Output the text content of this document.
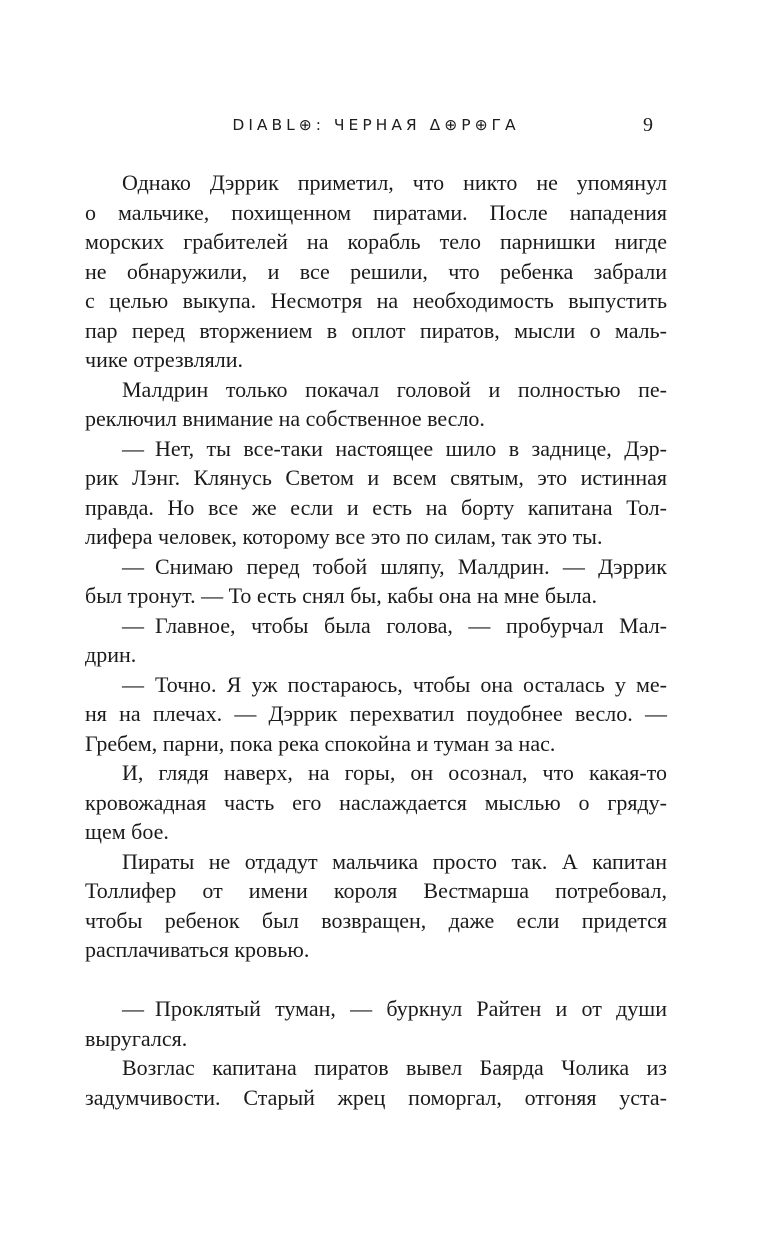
DIABL⊕: ЧЕРНАЯ Δ⊕Р⊕ГА	9
Однако Дэррик приметил, что никто не упомянул
о мальчике, похищенном пиратами. После нападения
морских грабителей на корабль тело парнишки нигде
не обнаружили, и все решили, что ребенка забрали
с целью выкупа. Несмотря на необходимость выпустить
пар перед вторжением в оплот пиратов, мысли о маль-
чике отрезвляли.
Малдрин только покачал головой и полностью пе-
реключил внимание на собственное весло.
— Нет, ты все-таки настоящее шило в заднице, Дэр-
рик Лэнг. Клянусь Светом и всем святым, это истинная
правда. Но все же если и есть на борту капитана Тол-
лифера человек, которому все это по силам, так это ты.
— Снимаю перед тобой шляпу, Малдрин. — Дэррик
был тронут. — То есть снял бы, кабы она на мне была.
— Главное, чтобы была голова, — пробурчал Мал-
дрин.
— Точно. Я уж постараюсь, чтобы она осталась у ме-
ня на плечах. — Дэррик перехватил поудобнее весло. —
Гребем, парни, пока река спокойна и туман за нас.
И, глядя наверх, на горы, он осознал, что какая-то
кровожадная часть его наслаждается мыслью о гряду-
щем бое.
Пираты не отдадут мальчика просто так. А капитан
Толлифер от имени короля Вестмарша потребовал,
чтобы ребенок был возвращен, даже если придется
расплачиваться кровью.
— Проклятый туман, — буркнул Райтен и от души
выругался.
Возглас капитана пиратов вывел Баярда Чолика из
задумчивости. Старый жрец поморгал, отгоняя уста-
